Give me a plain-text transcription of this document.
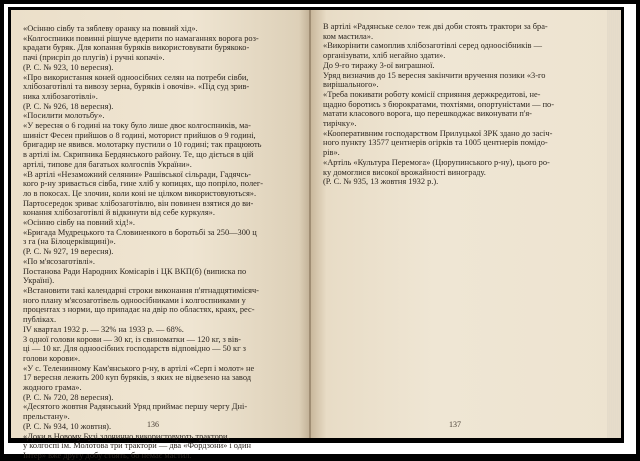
«Осінню сівбу та зяблеву оранку на повний хід».
«Колгоспники повинні рішуче вдерити по намаганнях ворога роз-
крадати буряк. Для копання буряків використовувати бурякоко-
пачі (присріп до плугів) і ручні копачі».
(Р. С. № 923, 10 вересня).
«Про використання коней одноосібних селян на потреби сівби,
хлібозаготівлі та вивозу зерна, буряків і овочів». «Під суд зрив-
ника хлібозаготівлі».
(Р. С. № 926, 18 вересня).
«Посилити молотьбу».
«У вересня о 6 годині на току було лише двоє колгоспників, ма-
шиніст Фесен прийшов о 8 годині, моторист прийшов о 9 годині,
бригадир не явився. молотарку пустили о 10 годині; так працюють
в артілі ім. Скрипника Бердянського району. Те, що діється в цій
артілі, типове для багатьох колгоспів України».
«В артілі «Незаможний селянин» Рашівської сільради, Гадячсь-
кого р-ну зривається сівба, гине хліб у копицях, що попріло, полег-
ло в покосах. Це злочин, коли коні не цілком використовуються».
Партосередок зриває хлібозаготівлю, він повинен взятися до ви-
конання хлібозаготівлі й відкинути від себе куркуля».
«Осінню сівбу на повний хід!».
«Бригада Мудрецького та Словиненкого в боротьбі за 250—300 ц
з га (на Білоцерківщині)».
(Р. С. № 927, 19 вересня).
«По м'ясозаготівлі».
Постанова Ради Народних Комісарів і ЦК ВКП(б) (виписка по
Україні).
«Встановити такі календарні строки виконання п'ятнадцятимісяч-
ного плану м'ясозаготівель одноосібниками і колгоспниками у
процентах з норми, що припадає на двір по областях, краях, рес-
публіках.
IV квартал 1932 р. — 32% на 1933 р. — 68%.
З одної голови корови — 30 кг, із свиноматки — 120 кг, з вів-
ці — 10 кг. Для одноосібних господарств відповідно — 50 кг з
голови корови».
«У с. Теленинному Кам'янського р-ну, в артілі «Серп і молот» не
17 вересня лежить 200 куп буряків, з яких не відвезено на завод
жодного грама».
(Р. С. № 720, 28 вересня).
«Десятого жовтня Радянський Уряд приймає першу чергу Дні-
прельстану».
(Р. С. № 934, 10 жовтня).
«Доки в Новому Бузі злочинно використовують трактори,
у колгоспі ім. Молотова три трактори — два «Фордзони» і один
Інтер» вже другу добу стоять, бо немає мастил.
136
В артілі «Радянське село» теж дві доби стоять трактори за бра-
ком мастила».
«Викорінити самоплив хлібозаготівлі серед одноосібників —
організувати, хліб негайно здати».
До 9-го тиражу 3-ої виграшної.
Уряд визначив до 15 вересня закінчити вручення позики «3-го
вирішального».
«Треба покивати роботу комісії сприяння держкредитові, не-
щадно боротись з бюрократами, тюхтіями, опортуністами — по-
матати класового ворога, що перешкоджає виконувати п'я-
тирічку».
«Кооперативним господарством Прилуцької ЗРК здано до засіч-
ного пункту 13577 центнерів огірків та 1005 центнерів помідо-
рів».
«Артіль «Культура Перемога» (Цюрупинського р-ну), цього ро-
ку домоглися високої врожайності винограду.
(Р. С. № 935, 13 жовтня 1932 р.).
137
